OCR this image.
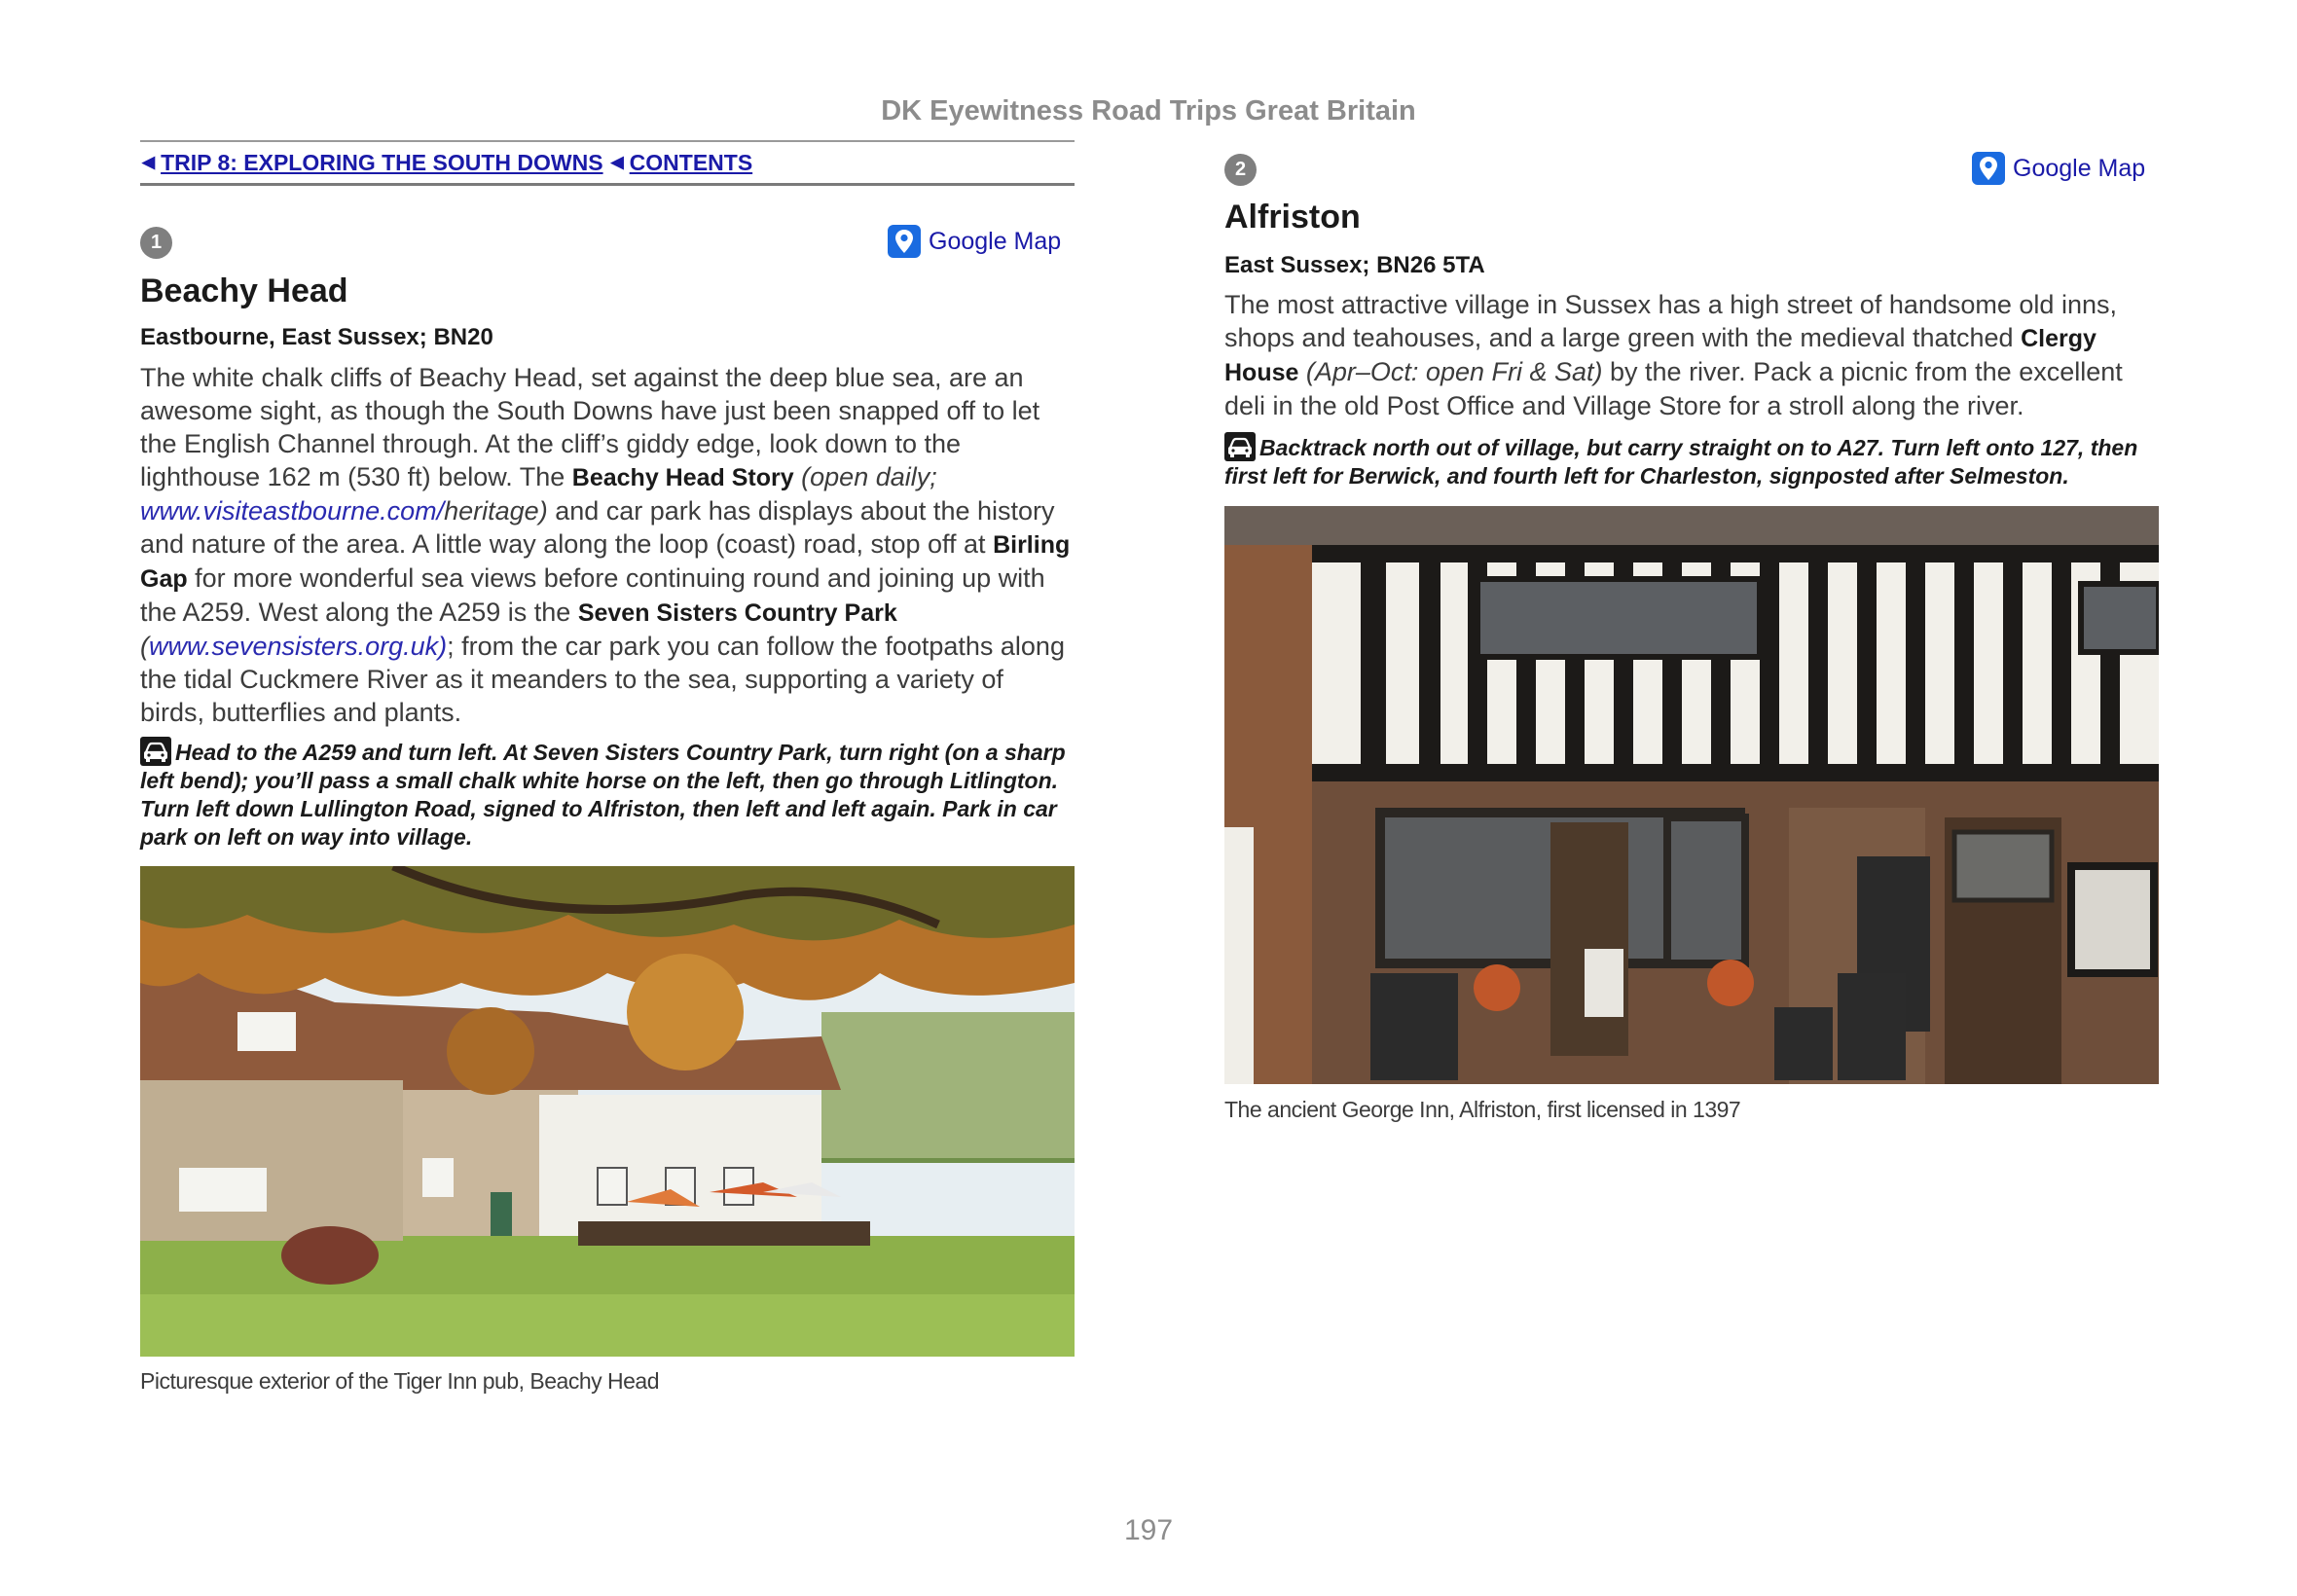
DK Eyewitness Road Trips Great Britain
◀ TRIP 8: EXPLORING THE SOUTH DOWNS ◀ CONTENTS
1	Google Map
Beachy Head
Eastbourne, East Sussex; BN20
The white chalk cliffs of Beachy Head, set against the deep blue sea, are an awesome sight, as though the South Downs have just been snapped off to let the English Channel through. At the cliff’s giddy edge, look down to the lighthouse 162 m (530 ft) below. The Beachy Head Story (open daily; www.visiteastbourne.com/heritage) and car park has displays about the history and nature of the area. A little way along the loop (coast) road, stop off at Birling Gap for more wonderful sea views before continuing round and joining up with the A259. West along the A259 is the Seven Sisters Country Park (www.sevensisters.org.uk); from the car park you can follow the footpaths along the tidal Cuckmere River as it meanders to the sea, supporting a variety of birds, butterflies and plants.
Head to the A259 and turn left. At Seven Sisters Country Park, turn right (on a sharp left bend); you’ll pass a small chalk white horse on the left, then go through Litlington. Turn left down Lullington Road, signed to Alfriston, then left and left again. Park in car park on left on way into village.
Picturesque exterior of the Tiger Inn pub, Beachy Head
2	Google Map
Alfriston
East Sussex; BN26 5TA
The most attractive village in Sussex has a high street of handsome old inns, shops and teahouses, and a large green with the medieval thatched Clergy House (Apr–Oct: open Fri & Sat) by the river. Pack a picnic from the excellent deli in the old Post Office and Village Store for a stroll along the river.
Backtrack north out of village, but carry straight on to A27. Turn left onto 127, then first left for Berwick, and fourth left for Charleston, signposted after Selmeston.
The ancient George Inn, Alfriston, first licensed in 1397
197
